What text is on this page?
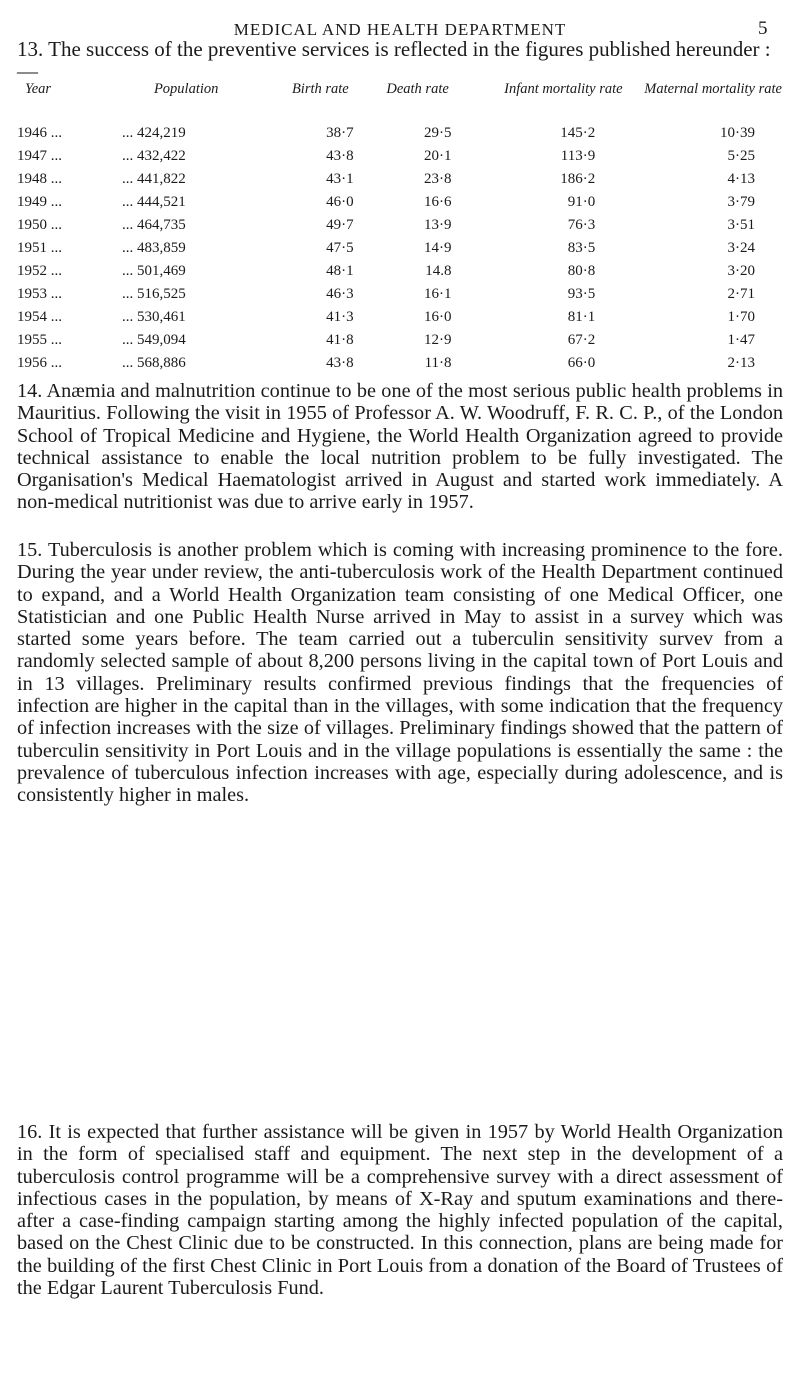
MEDICAL AND HEALTH DEPARTMENT	5

13. The success of the preventive services is reflected in the figures published hereunder :—

Year	Population	Birth rate	Death rate	Infant mortality rate	Maternal mortality rate
1946 ...	... 424,219	38·7	29·5	145·2	10·39
1947 ...	... 432,422	43·8	20·1	113·9	5·25
1948 ...	... 441,822	43·1	23·8	186·2	4·13
1949 ...	... 444,521	46·0	16·6	91·0	3·79
1950 ...	... 464,735	49·7	13·9	76·3	3·51
1951 ...	... 483,859	47·5	14·9	83·5	3·24
1952 ...	... 501,469	48·1	14.8	80·8	3·20
1953 ...	... 516,525	46·3	16·1	93·5	2·71
1954 ...	... 530,461	41·3	16·0	81·1	1·70
1955 ...	... 549,094	41·8	12·9	67·2	1·47
1956 ...	... 568,886	43·8	11·8	66·0	2·13

14. Anæmia and malnutrition continue to be one of the most serious public health problems in Mauritius. Following the visit in 1955 of Professor A. W. Woodruff, F. R. C. P., of the London School of Tropical Medicine and Hygiene, the World Health Organization agreed to provide technical assistance to enable the local nutrition problem to be fully investigated. The Organisation's Medical Haematologist arrived in August and started work immediately. A non-medical nutritionist was due to arrive early in 1957.

15. Tuberculosis is another problem which is coming with increasing prominence to the fore. During the year under review, the anti-tuberculosis work of the Health Department continued to expand, and a World Health Organization team consisting of one Medical Officer, one Statistician and one Public Health Nurse arrived in May to assist in a survey which was started some years before. The team carried out a tuberculin sensitivity survev from a randomly selected sample of about 8,200 persons living in the capital town of Port Louis and in 13 villages. Preliminary results confirmed previous findings that the frequencies of infection are higher in the capital than in the villages, with some indication that the frequency of infection increases with the size of villages. Preliminary findings showed that the pattern of tuberculin sensitivity in Port Louis and in the village populations is essentially the same : the prevalence of tuberculous infection increases with age, especially during adolescence, and is consistently higher in males.

16. It is expected that further assistance will be given in 1957 by World Health Organization in the form of specialised staff and equipment. The next step in the development of a tuberculosis control programme will be a comprehensive survey with a direct assessment of infectious cases in the population, by means of X-Ray and sputum examinations and there-after a case-finding campaign starting among the highly infected population of the capital, based on the Chest Clinic due to be constructed. In this connection, plans are being made for the building of the first Chest Clinic in Port Louis from a donation of the Board of Trustees of the Edgar Laurent Tuberculosis Fund.
